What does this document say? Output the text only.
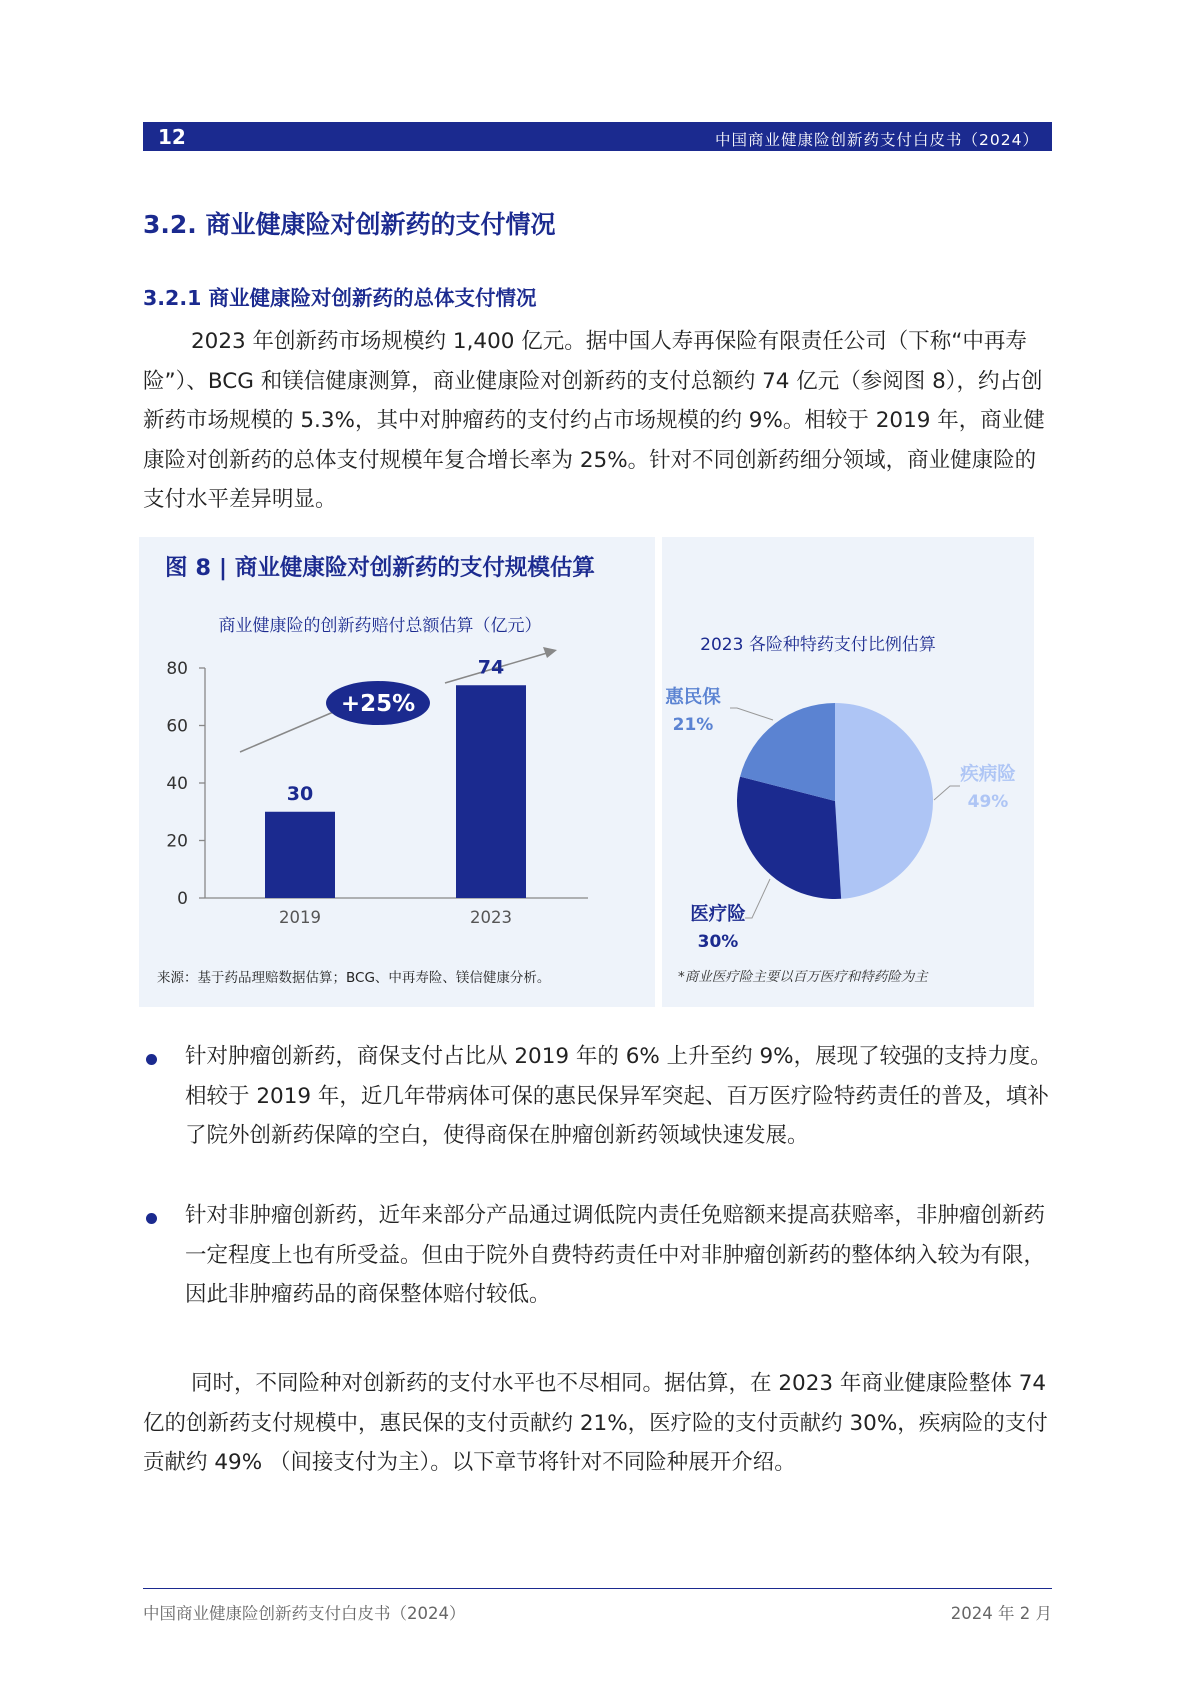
12	中国商业健康险创新药支付白皮书（2024）
3.2. 商业健康险对创新药的支付情况
3.2.1 商业健康险对创新药的总体支付情况

2023 年创新药市场规模约 1,400 亿元。据中国人寿再保险有限责任公司（下称“中再寿险”）、BCG 和镁信健康测算，商业健康险对创新药的支付总额约 74 亿元（参阅图 8），约占创新药市场规模的 5.3%，其中对肿瘤药的支付约占市场规模的约 9%。相较于 2019 年，商业健康险对创新药的总体支付规模年复合增长率为 25%。针对不同创新药细分领域，商业健康险的支付水平差异明显。

图 8 | 商业健康险对创新药的支付规模估算
商业健康险的创新药赔付总额估算（亿元）
0
20
40
60
80
+25%
30
2019
74
2023
来源：基于药品理赔数据估算；BCG、中再寿险、镁信健康分析。
2023 各险种特药支付比例估算
疾病险
49%
医疗险
30%
惠民保
21%
*商业医疗险主要以百万医疗和特药险为主
针对肿瘤创新药，商保支付占比从 2019 年的 6% 上升至约 9%，展现了较强的支持力度。相较于 2019 年，近几年带病体可保的惠民保异军突起、百万医疗险特药责任的普及，填补了院外创新药保障的空白，使得商保在肿瘤创新药领域快速发展。
针对非肿瘤创新药，近年来部分产品通过调低院内责任免赔额来提高获赔率，非肿瘤创新药一定程度上也有所受益。但由于院外自费特药责任中对非肿瘤创新药的整体纳入较为有限，因此非肿瘤药品的商保整体赔付较低。

同时，不同险种对创新药的支付水平也不尽相同。据估算，在 2023 年商业健康险整体 74 亿的创新药支付规模中，惠民保的支付贡献约 21%，医疗险的支付贡献约 30%，疾病险的支付贡献约 49% （间接支付为主）。以下章节将针对不同险种展开介绍。

中国商业健康险创新药支付白皮书（2024）	2024 年 2 月
